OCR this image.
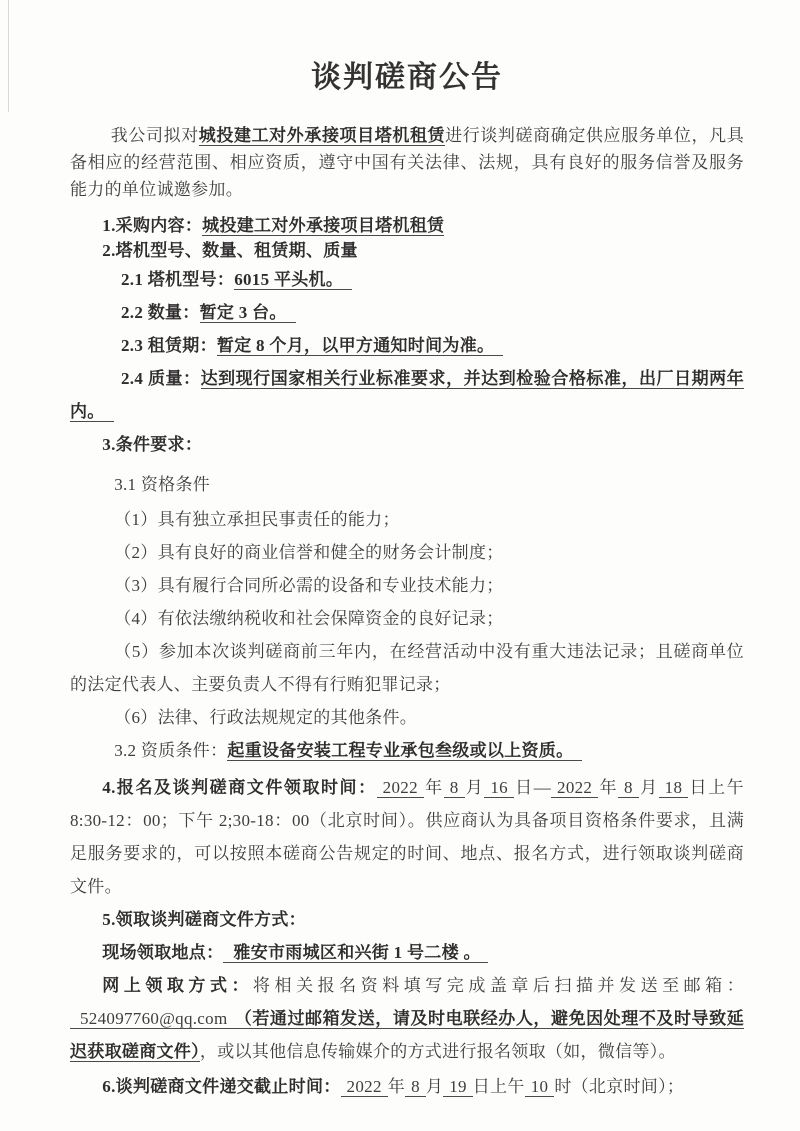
谈判磋商公告

我公司拟对城投建工对外承接项目塔机租赁进行谈判磋商确定供应服务单位，凡具备相应的经营范围、相应资质，遵守中国有关法律、法规，具有良好的服务信誉及服务能力的单位诚邀参加。

1.采购内容：城投建工对外承接项目塔机租赁

2.塔机型号、数量、租赁期、质量

2.1 塔机型号：6015 平头机。

2.2 数量：暂定 3 台。

2.3 租赁期：暂定 8 个月，以甲方通知时间为准。

2.4 质量：达到现行国家相关行业标准要求，并达到检验合格标准，出厂日期两年内。

3.条件要求：

3.1 资格条件

（1）具有独立承担民事责任的能力；

（2）具有良好的商业信誉和健全的财务会计制度；

（3）具有履行合同所必需的设备和专业技术能力；

（4）有依法缴纳税收和社会保障资金的良好记录；

（5）参加本次谈判磋商前三年内，在经营活动中没有重大违法记录；且磋商单位的法定代表人、主要负责人不得有行贿犯罪记录；

（6）法律、行政法规规定的其他条件。

3.2 资质条件：起重设备安装工程专业承包叁级或以上资质。

4.报名及谈判磋商文件领取时间： 2022 年 8 月 16 日— 2022 年 8 月 18 日上午 8:30-12：00；下午 2;30-18：00（北京时间）。供应商认为具备项目资格条件要求，且满足服务要求的，可以按照本磋商公告规定的时间、地点、报名方式，进行领取谈判磋商文件。

5.领取谈判磋商文件方式：

现场领取地点： 雅安市雨城区和兴街 1 号二楼 。

网上领取方式：将相关报名资料填写完成盖章后扫描并发送至邮箱：524097760@qq.com （若通过邮箱发送，请及时电联经办人，避免因处理不及时导致延迟获取磋商文件），或以其他信息传输媒介的方式进行报名领取（如，微信等）。

6.谈判磋商文件递交截止时间： 2022 年 8 月 19 日上午 10 时（北京时间）；
